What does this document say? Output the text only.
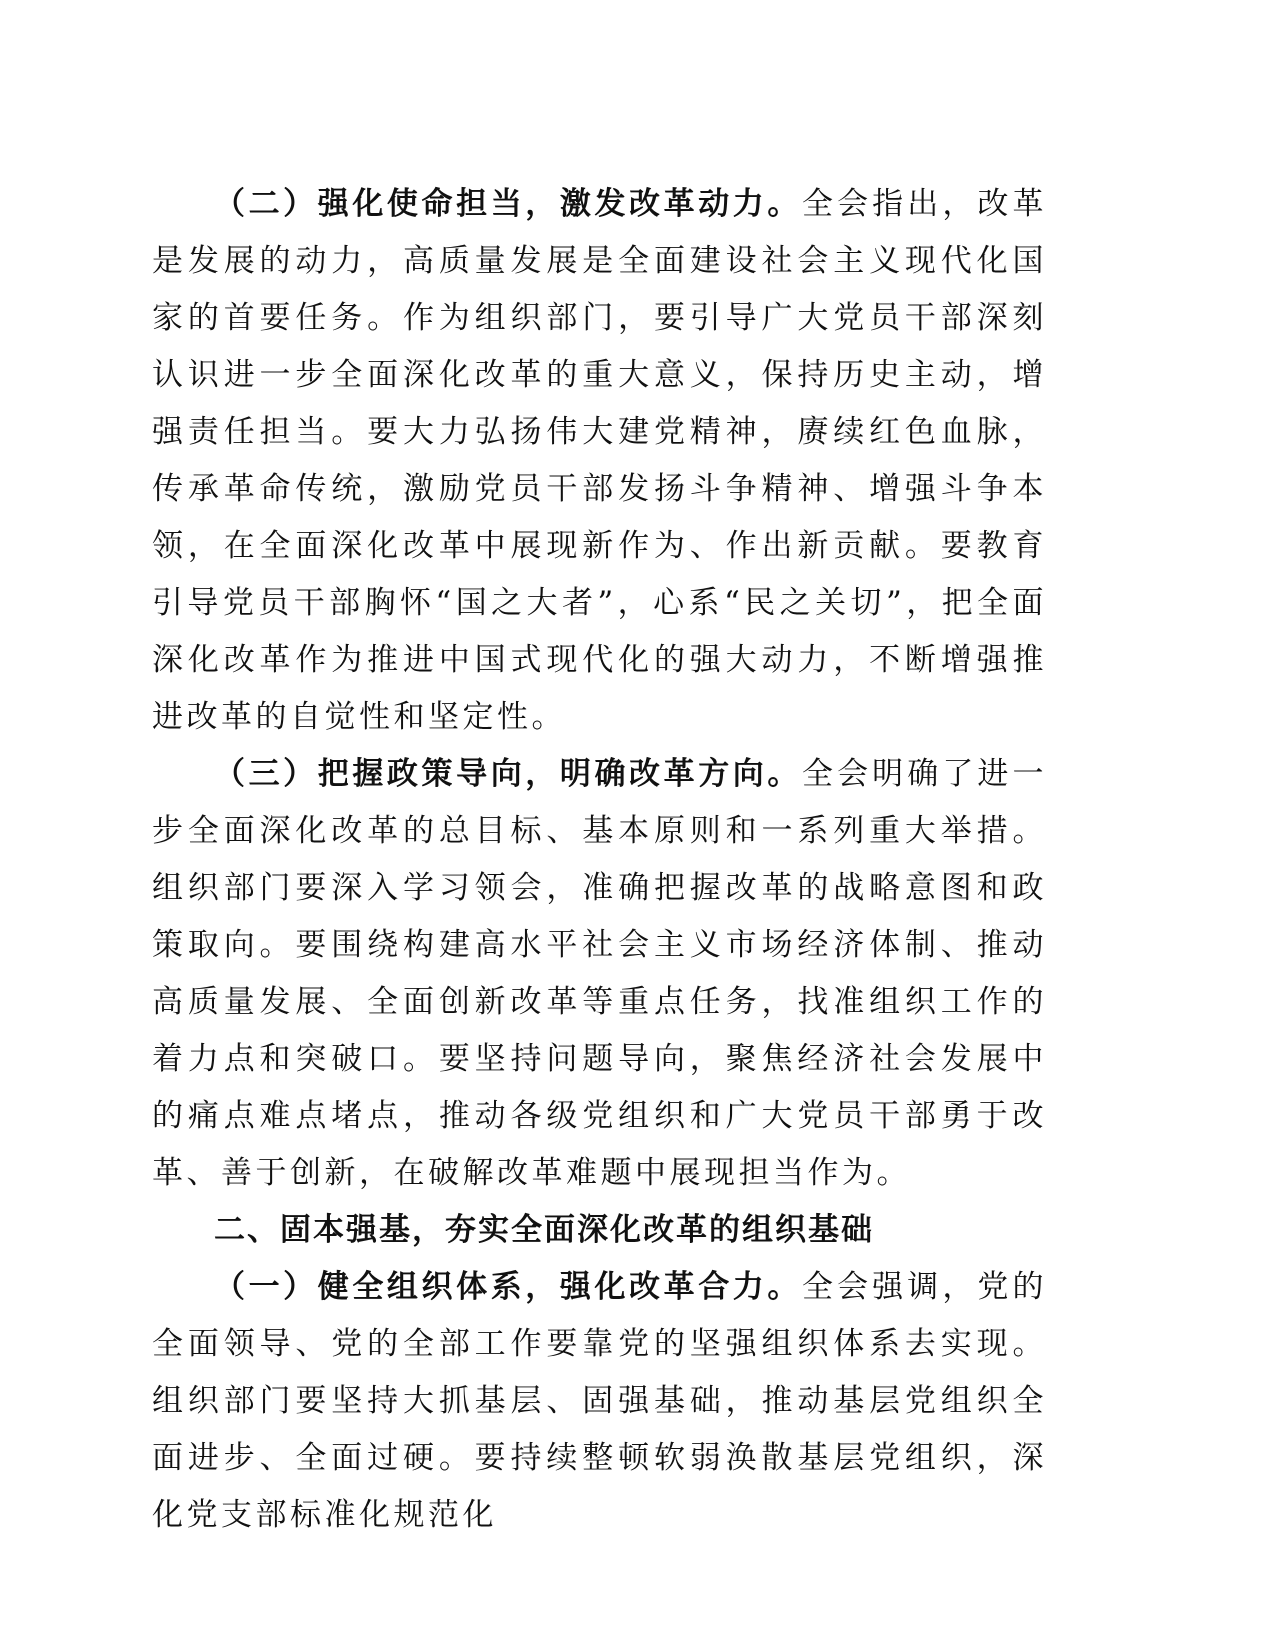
（二）强化使命担当，激发改革动力。全会指出，改革是发展的动力，高质量发展是全面建设社会主义现代化国家的首要任务。作为组织部门，要引导广大党员干部深刻认识进一步全面深化改革的重大意义，保持历史主动，增强责任担当。要大力弘扬伟大建党精神，赓续红色血脉，传承革命传统，激励党员干部发扬斗争精神、增强斗争本领，在全面深化改革中展现新作为、作出新贡献。要教育引导党员干部胸怀“国之大者”，心系“民之关切”，把全面深化改革作为推进中国式现代化的强大动力，不断增强推进改革的自觉性和坚定性。

（三）把握政策导向，明确改革方向。全会明确了进一步全面深化改革的总目标、基本原则和一系列重大举措。组织部门要深入学习领会，准确把握改革的战略意图和政策取向。要围绕构建高水平社会主义市场经济体制、推动高质量发展、全面创新改革等重点任务，找准组织工作的着力点和突破口。要坚持问题导向，聚焦经济社会发展中的痛点难点堵点，推动各级党组织和广大党员干部勇于改革、善于创新，在破解改革难题中展现担当作为。

二、固本强基，夯实全面深化改革的组织基础

（一）健全组织体系，强化改革合力。全会强调，党的全面领导、党的全部工作要靠党的坚强组织体系去实现。组织部门要坚持大抓基层、固强基础，推动基层党组织全面进步、全面过硬。要持续整顿软弱涣散基层党组织，深化党支部标准化规范化
